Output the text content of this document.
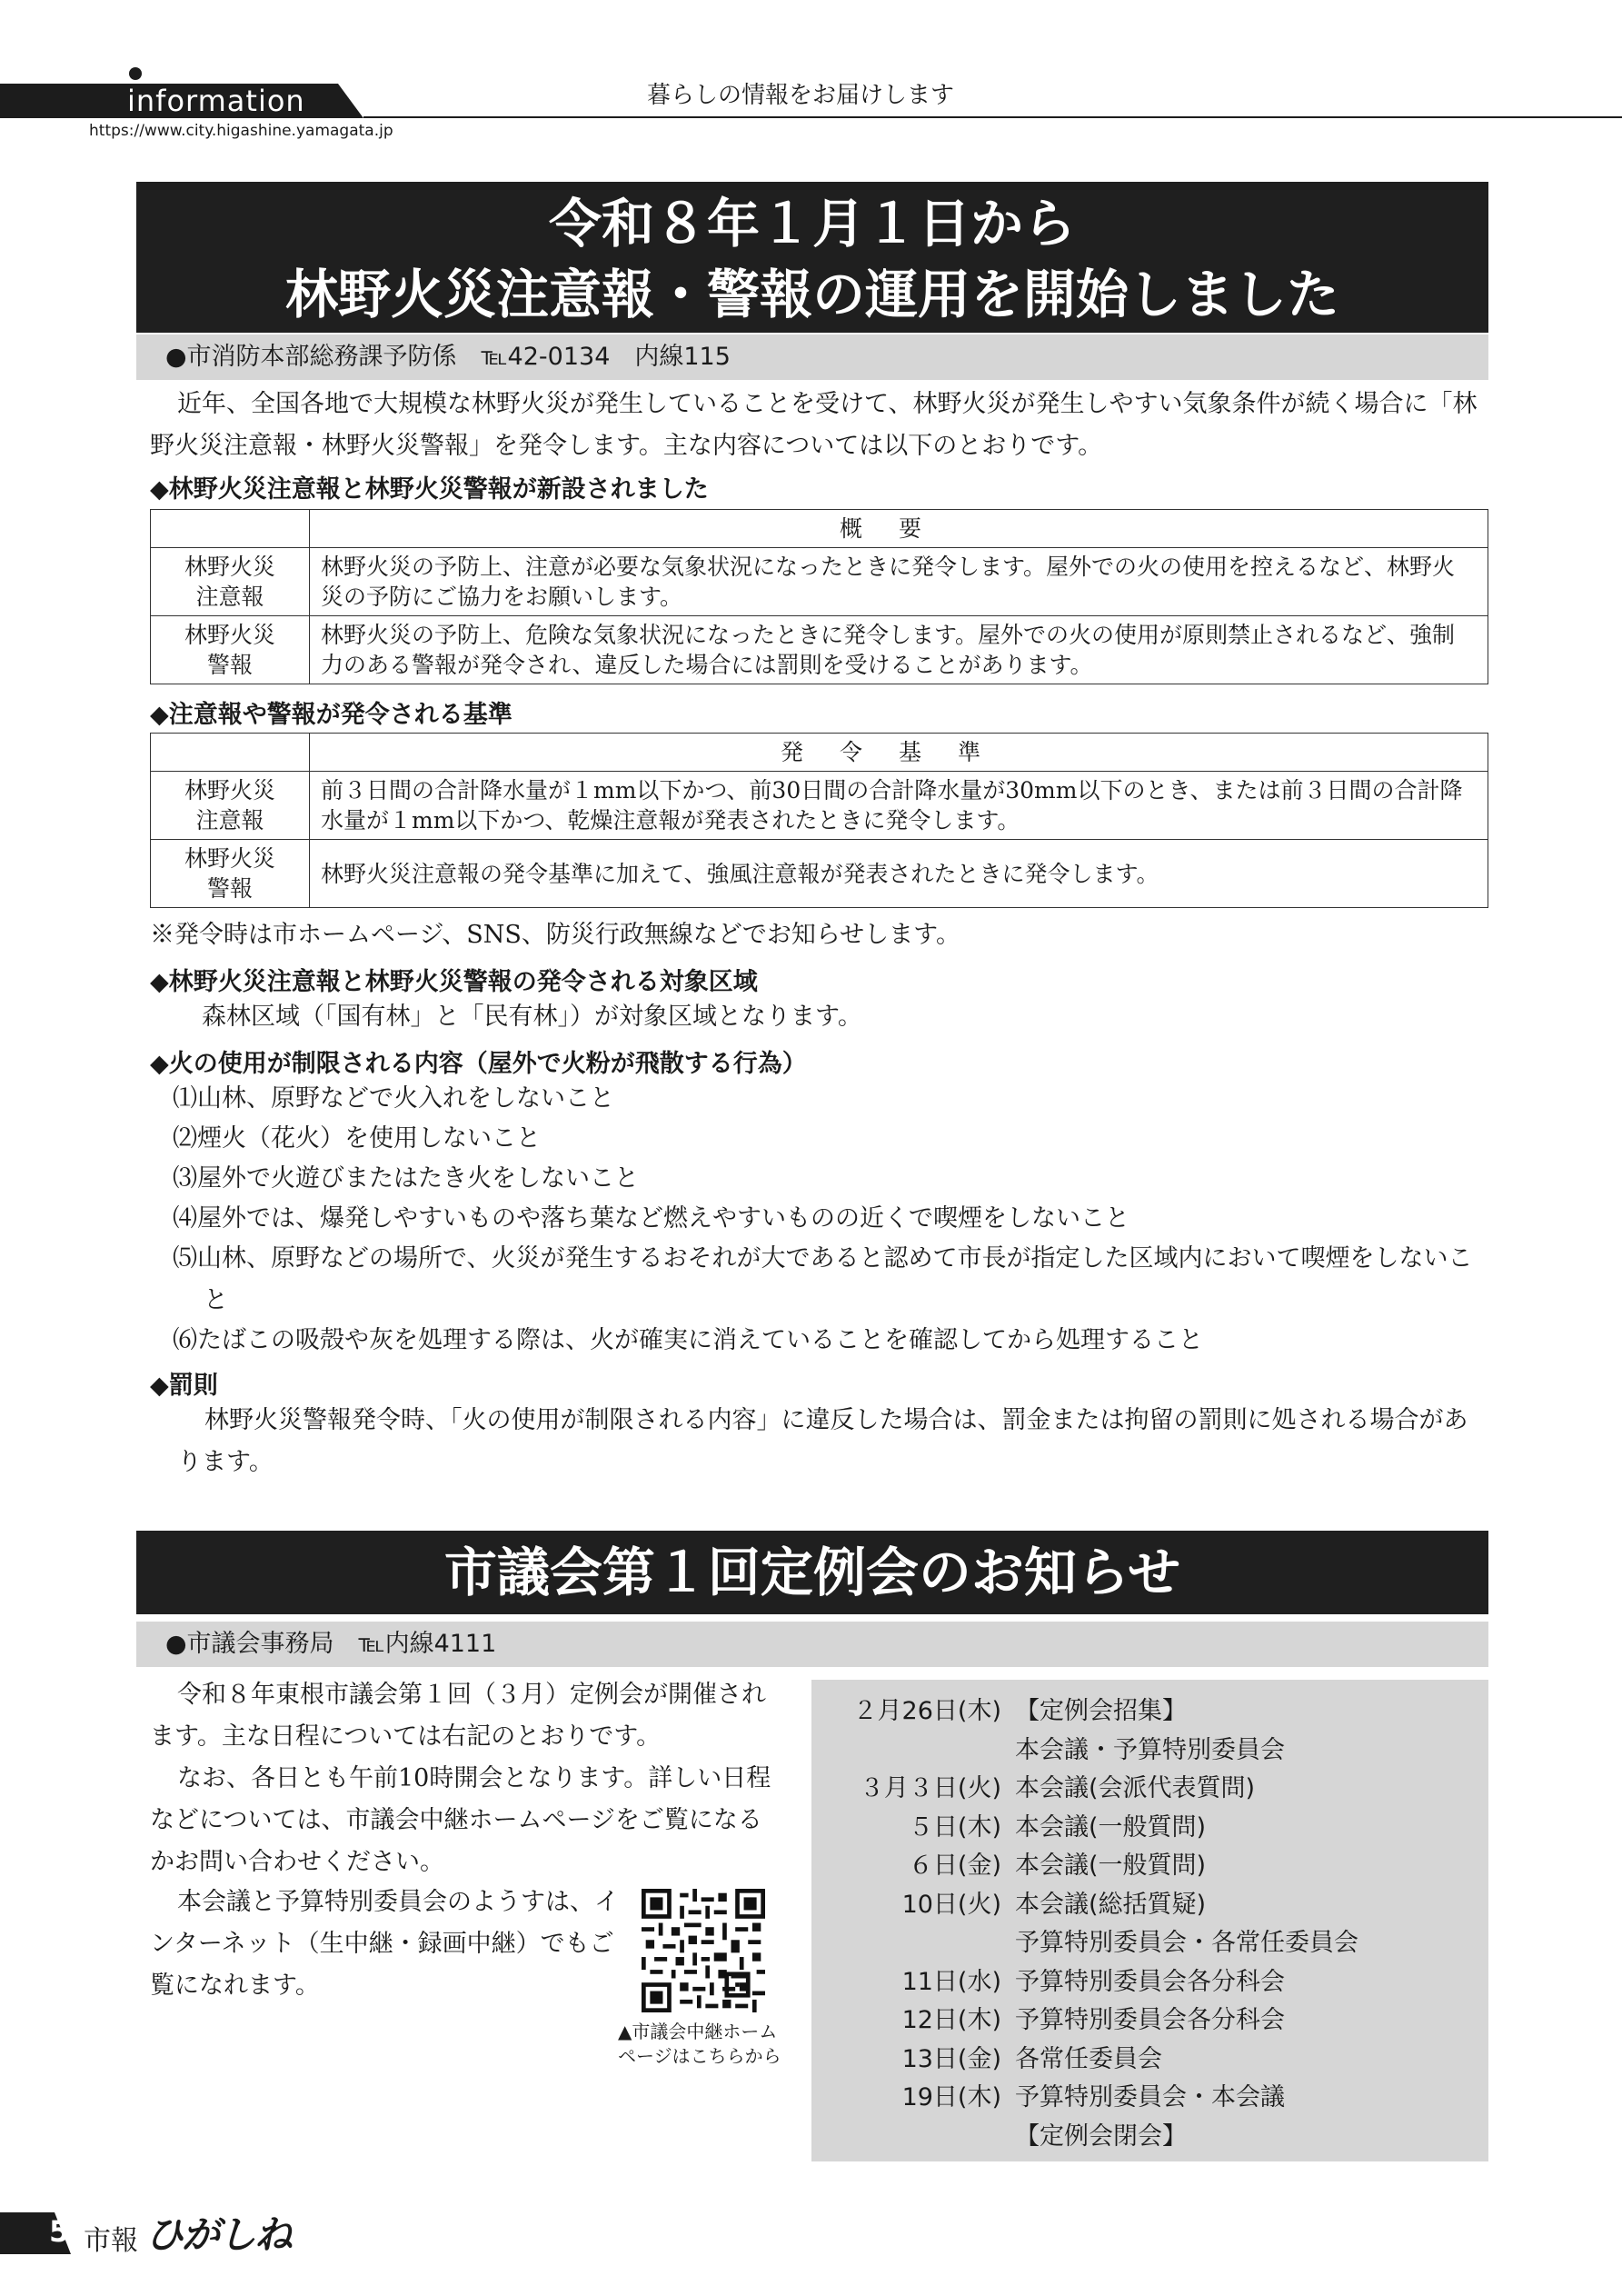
information
https://www.city.higashine.yamagata.jp
暮らしの情報をお届けします
令和８年１月１日から
林野火災注意報・警報の運用を開始しました
●市消防本部総務課予防係　℡42-0134　内線115
近年、全国各地で大規模な林野火災が発生していることを受けて、林野火災が発生しやすい気象条件が続く場合に「林野火災注意報・林野火災警報」を発令します。主な内容については以下のとおりです。
◆林野火災注意報と林野火災警報が新設されました
	概要
林野火災
注意報	林野火災の予防上、注意が必要な気象状況になったときに発令します。屋外での火の使用を控えるなど、林野火災の予防にご協力をお願いします。
林野火災
警報	林野火災の予防上、危険な気象状況になったときに発令します。屋外での火の使用が原則禁止されるなど、強制力のある警報が発令され、違反した場合には罰則を受けることがあります。
◆注意報や警報が発令される基準
	発令基準
林野火災
注意報	前３日間の合計降水量が１mm以下かつ、前30日間の合計降水量が30mm以下のとき、または前３日間の合計降水量が１mm以下かつ、乾燥注意報が発表されたときに発令します。
林野火災
警報	林野火災注意報の発令基準に加えて、強風注意報が発表されたときに発令します。
※発令時は市ホームページ、SNS、防災行政無線などでお知らせします。
◆林野火災注意報と林野火災警報の発令される対象区域
森林区域（「国有林」と「民有林」）が対象区域となります。
◆火の使用が制限される内容（屋外で火粉が飛散する行為）
⑴山林、原野などで火入れをしないこと
⑵煙火（花火）を使用しないこと
⑶屋外で火遊びまたはたき火をしないこと
⑷屋外では、爆発しやすいものや落ち葉など燃えやすいものの近くで喫煙をしないこと
⑸山林、原野などの場所で、火災が発生するおそれが大であると認めて市長が指定した区域内において喫煙をしないこと
⑹たばこの吸殻や灰を処理する際は、火が確実に消えていることを確認してから処理すること
◆罰則
林野火災警報発令時、「火の使用が制限される内容」に違反した場合は、罰金または拘留の罰則に処される場合があります。
市議会第１回定例会のお知らせ
●市議会事務局　℡内線4111
令和８年東根市議会第１回（３月）定例会が開催されます。主な日程については右記のとおりです。
なお、各日とも午前10時開会となります。詳しい日程などについては、市議会中継ホームページをご覧になるかお問い合わせください。
本会議と予算特別委員会のようすは、インターネット（生中継・録画中継）でもご覧になれます。
▲市議会中継ホームページはこちらから
２月26日(木) 【定例会招集】
本会議・予算特別委員会
３月３日(火) 本会議(会派代表質問)
５日(木) 本会議(一般質問)
６日(金) 本会議(一般質問)
10日(火) 本会議(総括質疑)
予算特別委員会・各常任委員会
11日(水) 予算特別委員会各分科会
12日(木) 予算特別委員会各分科会
13日(金) 各常任委員会
19日(木) 予算特別委員会・本会議
【定例会閉会】
5 市報 ひがしね
